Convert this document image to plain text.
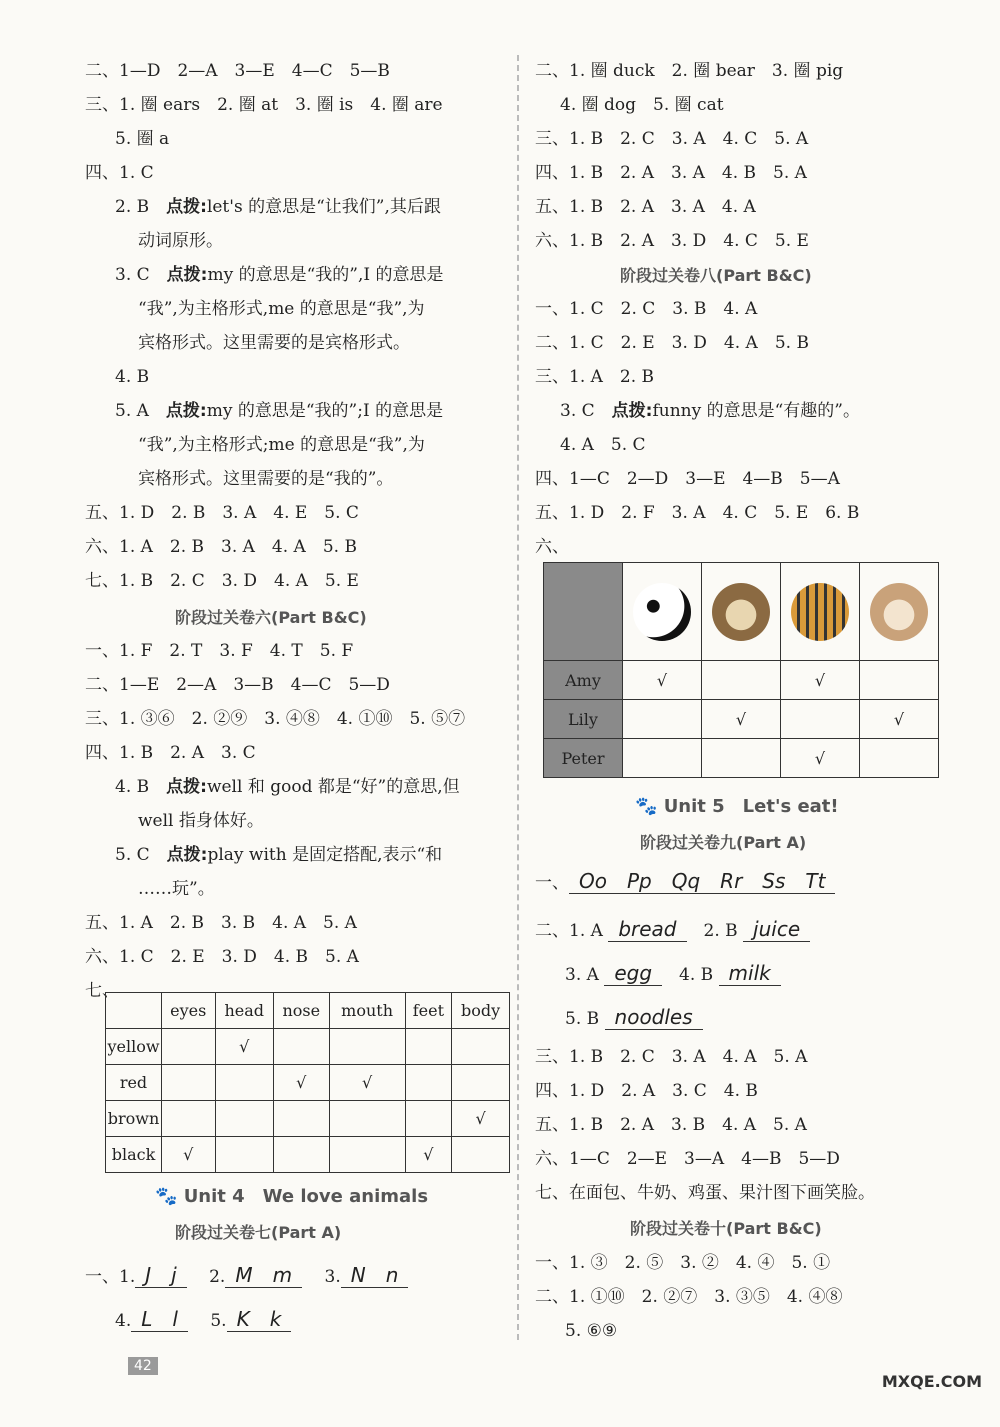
二、1—D　2—A　3—E　4—C　5—B
三、1. 圈 ears　2. 圈 at　3. 圈 is　4. 圈 are
5. 圈 a
四、1. C
2. B　 点拨:let's 的意思是“让我们”,其后跟
动词原形。
3. C　 点拨:my 的意思是“我的”,I 的意思是
“我”,为主格形式,me 的意思是“我”,为
宾格形式。这里需要的是宾格形式。
4. B
5. A　 点拨:my 的意思是“我的”;I 的意思是
“我”,为主格形式;me 的意思是“我”,为
宾格形式。这里需要的是“我的”。
五、1. D　2. B　3. A　4. E　5. C
六、1. A　2. B　3. A　4. A　5. B
七、1. B　2. C　3. D　4. A　5. E
阶段过关卷六(Part B&C)
一、1. F　2. T　3. F　4. T　5. F
二、1—E　2—A　3—B　4—C　5—D
三、1. ③⑥　2. ②⑨　3. ④⑧　4. ①⑩　5. ⑤⑦
四、1. B　2. A　3. C
4. B　 点拨:well 和 good 都是“好”的意思,但
well 指身体好。
5. C　 点拨:play with 是固定搭配,表示“和
……玩”。
五、1. A　2. B　3. B　4. A　5. A
六、1. C　2. E　3. D　4. B　5. A
七、
	eyes	head	nose	mouth	feet	body
yellow		√				
red			√	√		
brown						√
black	√				√	
🐾 Unit 4　We love animals
阶段过关卷七(Part A)
一、1. J　j 　 2. M　m 　 3. N　n
4. L　l 　 5. K　k
二、1. 圈 duck　2. 圈 bear　3. 圈 pig
4. 圈 dog　5. 圈 cat
三、1. B　2. C　3. A　4. C　5. A
四、1. B　2. A　3. A　4. B　5. A
五、1. B　2. A　3. A　4. A
六、1. B　2. A　3. D　4. C　5. E
阶段过关卷八(Part B&C)
一、1. C　2. C　3. B　4. A
二、1. C　2. E　3. D　4. A　5. B
三、1. A　2. B
3. C　 点拨:funny 的意思是“有趣的”。
4. A　5. C
四、1—C　2—D　3—E　4—B　5—A
五、1. D　2. F　3. A　4. C　5. E　6. B
六、

Amy	√		√	
Lily		√		√
Peter			√	
🐾 Unit 5　Let's eat!
阶段过关卷九(Part A)
一、 Oo　Pp　Qq　Rr　Ss　Tt
二、1. A bread　 2. B juice
3. A egg　 4. B milk
5. B noodles
三、1. B　2. C　3. A　4. A　5. A
四、1. D　2. A　3. C　4. B
五、1. B　2. A　3. B　4. A　5. A
六、1—C　2—E　3—A　4—B　5—D
七、在面包、牛奶、鸡蛋、果汁图下画笑脸。
阶段过关卷十(Part B&C)
一、1. ③　2. ⑤　3. ②　4. ④　5. ①
二、1. ①⑩　2. ②⑦　3. ③⑤　4. ④⑧
5. ⑥⑨
42
MXQE.COM
